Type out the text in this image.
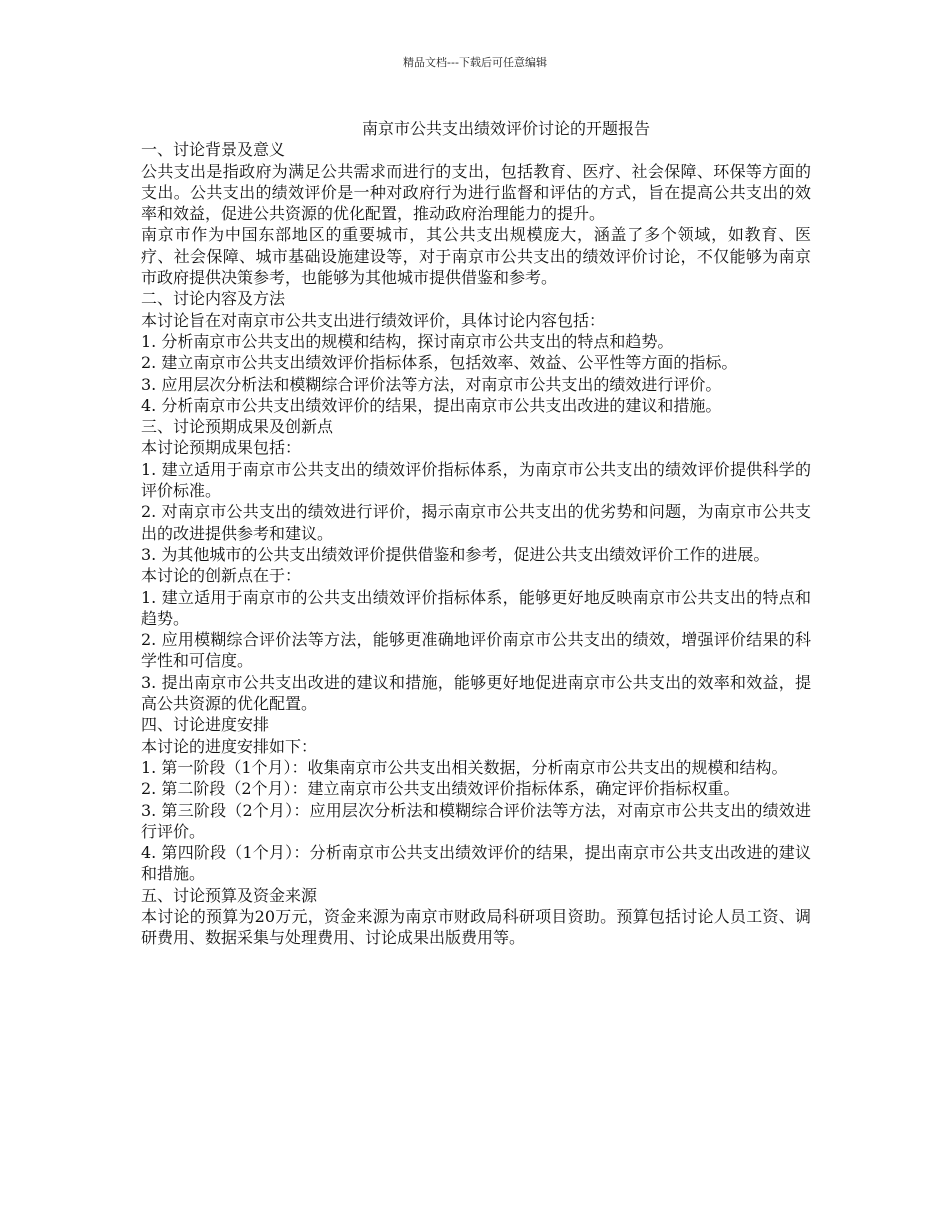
精品文档---下载后可任意编辑

南京市公共支出绩效评价讨论的开题报告

一、讨论背景及意义

公共支出是指政府为满足公共需求而进行的支出，包括教育、医疗、社会保障、环保等方面的支出。公共支出的绩效评价是一种对政府行为进行监督和评估的方式，旨在提高公共支出的效率和效益，促进公共资源的优化配置，推动政府治理能力的提升。

南京市作为中国东部地区的重要城市，其公共支出规模庞大，涵盖了多个领域，如教育、医疗、社会保障、城市基础设施建设等，对于南京市公共支出的绩效评价讨论，不仅能够为南京市政府提供决策参考，也能够为其他城市提供借鉴和参考。

二、讨论内容及方法

本讨论旨在对南京市公共支出进行绩效评价，具体讨论内容包括：

1. 分析南京市公共支出的规模和结构，探讨南京市公共支出的特点和趋势。

2. 建立南京市公共支出绩效评价指标体系，包括效率、效益、公平性等方面的指标。

3. 应用层次分析法和模糊综合评价法等方法，对南京市公共支出的绩效进行评价。

4. 分析南京市公共支出绩效评价的结果，提出南京市公共支出改进的建议和措施。

三、讨论预期成果及创新点

本讨论预期成果包括：

1. 建立适用于南京市公共支出的绩效评价指标体系，为南京市公共支出的绩效评价提供科学的评价标准。

2. 对南京市公共支出的绩效进行评价，揭示南京市公共支出的优劣势和问题，为南京市公共支出的改进提供参考和建议。

3. 为其他城市的公共支出绩效评价提供借鉴和参考，促进公共支出绩效评价工作的进展。

本讨论的创新点在于：

1. 建立适用于南京市的公共支出绩效评价指标体系，能够更好地反映南京市公共支出的特点和趋势。

2. 应用模糊综合评价法等方法，能够更准确地评价南京市公共支出的绩效，增强评价结果的科学性和可信度。

3. 提出南京市公共支出改进的建议和措施，能够更好地促进南京市公共支出的效率和效益，提高公共资源的优化配置。

四、讨论进度安排

本讨论的进度安排如下：

1. 第一阶段（1个月）：收集南京市公共支出相关数据，分析南京市公共支出的规模和结构。

2. 第二阶段（2个月）：建立南京市公共支出绩效评价指标体系，确定评价指标权重。

3. 第三阶段（2个月）：应用层次分析法和模糊综合评价法等方法，对南京市公共支出的绩效进行评价。

4. 第四阶段（1个月）：分析南京市公共支出绩效评价的结果，提出南京市公共支出改进的建议和措施。

五、讨论预算及资金来源

本讨论的预算为20万元，资金来源为南京市财政局科研项目资助。预算包括讨论人员工资、调研费用、数据采集与处理费用、讨论成果出版费用等。
